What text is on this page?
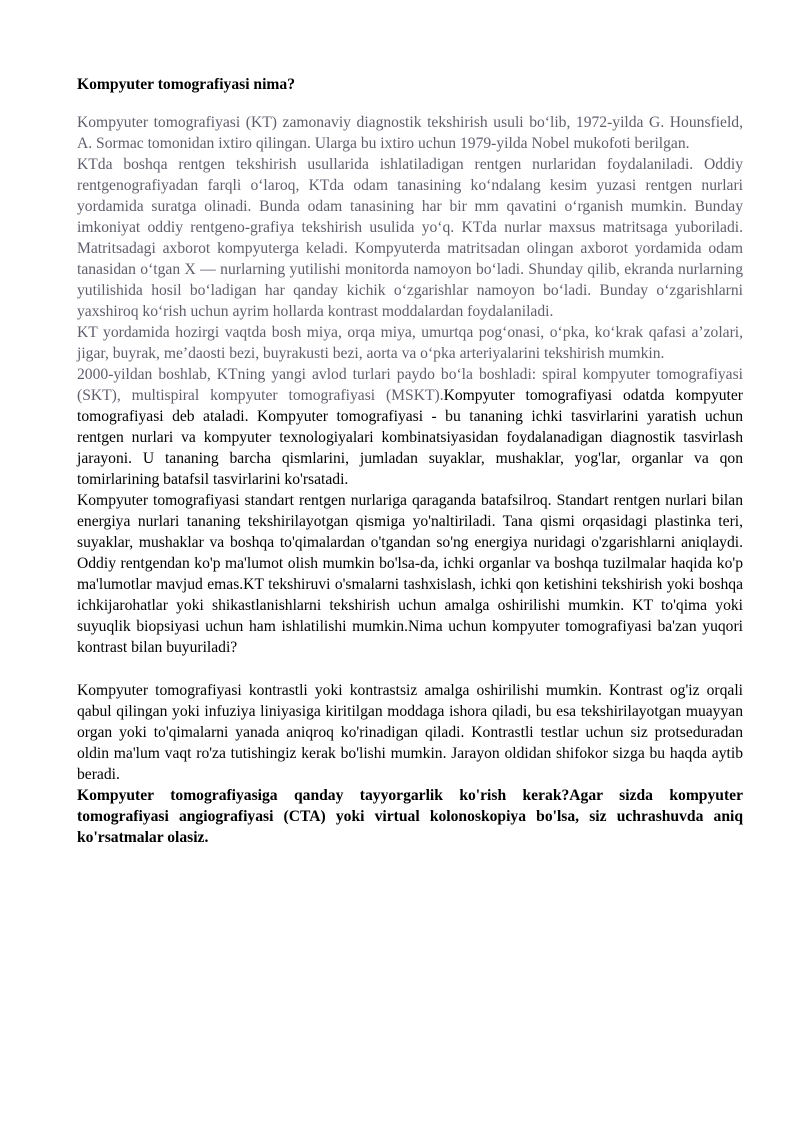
Kompyuter tomografiyasi nima?

Kompyuter tomografiyasi (KT) zamonaviy diagnostik tekshirish usuli bo‘lib, 1972-yilda G. Hounsfield, A. Sormac tomonidan ixtiro qilingan. Ularga bu ixtiro uchun 1979-yilda Nobel mukofoti berilgan.

KTda boshqa rentgen tekshirish usullarida ishlatiladigan rentgen nurlaridan foydalaniladi. Oddiy rentgenografiyadan farqli o‘laroq, KTda odam tanasining ko‘ndalang kesim yuzasi rentgen nurlari yordamida suratga olinadi. Bunda odam tanasining har bir mm qavatini o‘rganish mumkin. Bunday imkoniyat oddiy rentgeno-grafiya tekshirish usulida yo‘q. KTda nurlar maxsus matritsaga yuboriladi. Matritsadagi axborot kompyuterga keladi. Kompyuterda matritsadan olingan axborot yordamida odam tanasidan o‘tgan X — nurlarning yutilishi monitorda namoyon bo‘ladi. Shunday qilib, ekranda nurlarning yutilishida hosil bo‘ladigan har qanday kichik o‘zgarishlar namoyon bo‘ladi. Bunday o‘zgarishlarni yaxshiroq ko‘rish uchun ayrim hollarda kontrast moddalardan foydalaniladi.

KT yordamida hozirgi vaqtda bosh miya, orqa miya, umurtqa pog‘onasi, o‘pka, ko‘krak qafasi a’zolari, jigar, buyrak, me’daosti bezi, buyrakusti bezi, aorta va o‘pka arteriyalarini tekshirish mumkin.

2000-yildan boshlab, KTning yangi avlod turlari paydo bo‘la boshladi: spiral kompyuter tomografiyasi (SKT), multispiral kompyuter tomografiyasi (MSKT).Kompyuter tomografiyasi odatda kompyuter tomografiyasi deb ataladi. Kompyuter tomografiyasi - bu tananing ichki tasvirlarini yaratish uchun rentgen nurlari va kompyuter texnologiyalari kombinatsiyasidan foydalanadigan diagnostik tasvirlash jarayoni. U tananing barcha qismlarini, jumladan suyaklar, mushaklar, yog'lar, organlar va qon tomirlarining batafsil tasvirlarini ko'rsatadi.

Kompyuter tomografiyasi standart rentgen nurlariga qaraganda batafsilroq. Standart rentgen nurlari bilan energiya nurlari tananing tekshirilayotgan qismiga yo'naltiriladi. Tana qismi orqasidagi plastinka teri, suyaklar, mushaklar va boshqa to'qimalardan o'tgandan so'ng energiya nuridagi o'zgarishlarni aniqlaydi. Oddiy rentgendan ko'p ma'lumot olish mumkin bo'lsa-da, ichki organlar va boshqa tuzilmalar haqida ko'p ma'lumotlar mavjud emas.KT tekshiruvi o'smalarni tashxislash, ichki qon ketishini tekshirish yoki boshqa ichkijarohatlar yoki shikastlanishlarni tekshirish uchun amalga oshirilishi mumkin. KT to'qima yoki suyuqlik biopsiyasi uchun ham ishlatilishi mumkin.Nima uchun kompyuter tomografiyasi ba'zan yuqori kontrast bilan buyuriladi?

Kompyuter tomografiyasi kontrastli yoki kontrastsiz amalga oshirilishi mumkin. Kontrast og'iz orqali qabul qilingan yoki infuziya liniyasiga kiritilgan moddaga ishora qiladi, bu esa tekshirilayotgan muayyan organ yoki to'qimalarni yanada aniqroq ko'rinadigan qiladi. Kontrastli testlar uchun siz protseduradan oldin ma'lum vaqt ro'za tutishingiz kerak bo'lishi mumkin. Jarayon oldidan shifokor sizga bu haqda aytib beradi.

Kompyuter tomografiyasiga qanday tayyorgarlik ko'rish kerak?Agar sizda kompyuter tomografiyasi angiografiyasi (CTA) yoki virtual kolonoskopiya bo'lsa, siz uchrashuvda aniq ko'rsatmalar olasiz.
